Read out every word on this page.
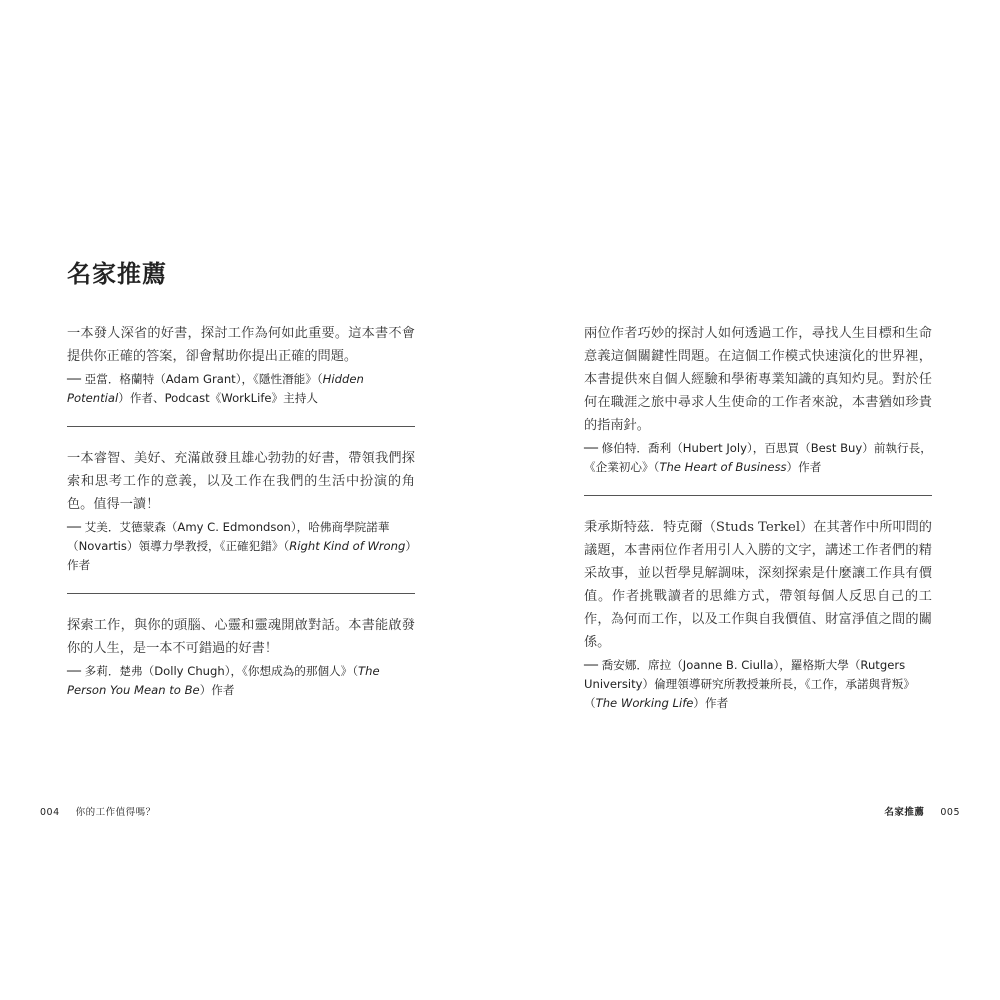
名家推薦

一本發人深省的好書，探討工作為何如此重要。這本書不會提供你正確的答案，卻會幫助你提出正確的問題。

── 亞當．格蘭特（Adam Grant），《隱性潛能》（Hidden Potential）作者、Podcast《WorkLife》主持人

一本睿智、美好、充滿啟發且雄心勃勃的好書，帶領我們探索和思考工作的意義，以及工作在我們的生活中扮演的角色。值得一讀！

── 艾美．艾德蒙森（Amy C. Edmondson），哈佛商學院諾華（Novartis）領導力學教授，《正確犯錯》（Right Kind of Wrong）作者

探索工作，與你的頭腦、心靈和靈魂開啟對話。本書能啟發你的人生，是一本不可錯過的好書！

── 多莉．楚弗（Dolly Chugh），《你想成為的那個人》（The Person You Mean to Be）作者

兩位作者巧妙的探討人如何透過工作，尋找人生目標和生命意義這個關鍵性問題。在這個工作模式快速演化的世界裡，本書提供來自個人經驗和學術專業知識的真知灼見。對於任何在職涯之旅中尋求人生使命的工作者來說，本書猶如珍貴的指南針。

── 修伯特．喬利（Hubert Joly），百思買（Best Buy）前執行長，《企業初心》（The Heart of Business）作者

秉承斯特茲．特克爾（Studs Terkel）在其著作中所叩問的議題，本書兩位作者用引人入勝的文字，講述工作者們的精采故事，並以哲學見解調味，深刻探索是什麼讓工作具有價值。作者挑戰讀者的思維方式，帶領每個人反思自己的工作，為何而工作，以及工作與自我價值、財富淨值之間的關係。

── 喬安娜．席拉（Joanne B. Ciulla），羅格斯大學（Rutgers University）倫理領導研究所教授兼所長，《工作，承諾與背叛》（The Working Life）作者

004 你的工作值得嗎？	名家推薦 005
